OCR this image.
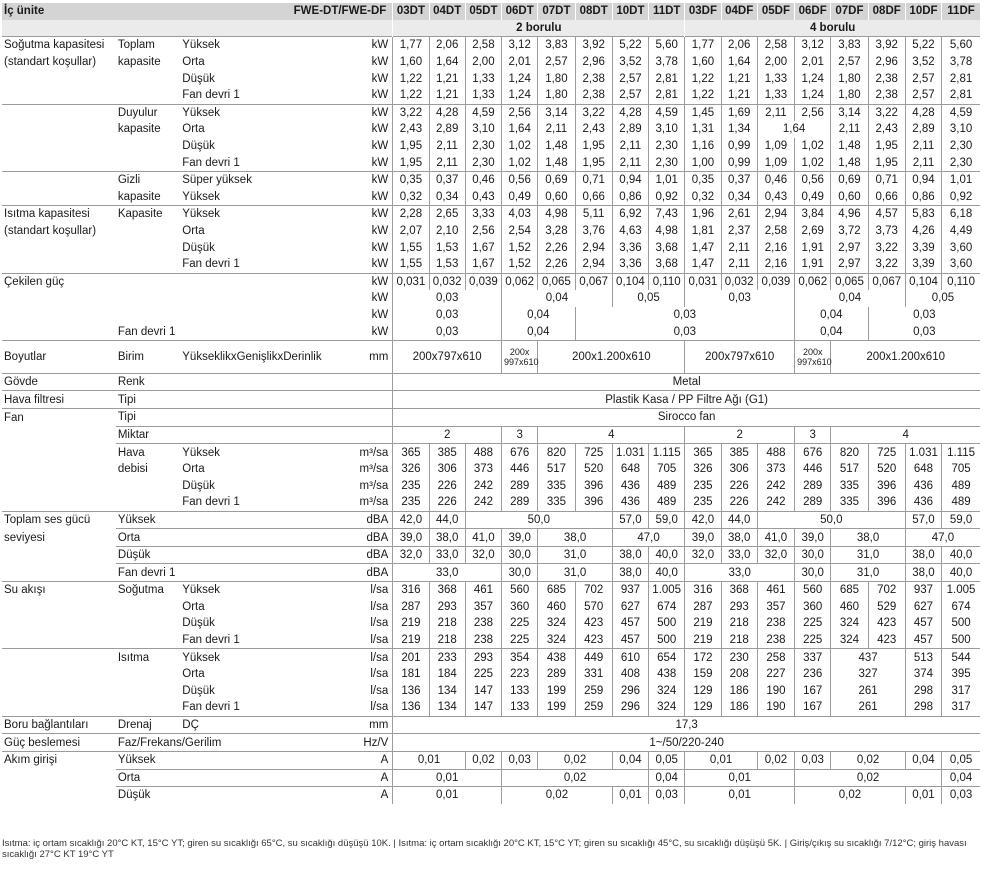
İç ünite	FWE-DT/FWE-DF			03DT	04DT	05DT	06DT	07DT	08DT	10DT	11DT	03DF	04DF	05DF	06DF	07DF	08DF	10DF	11DF
				2 borulu								4 borulu							
Soğutma kapasitesi	Toplam	Yüksek	kW	1,77	2,06	2,58	3,12	3,83	3,92	5,22	5,60	1,77	2,06	2,58	3,12	3,83	3,92	5,22	5,60
(standart koşullar)	kapasite	Orta	kW	1,60	1,64	2,00	2,01	2,57	2,96	3,52	3,78	1,60	1,64	2,00	2,01	2,57	2,96	3,52	3,78
		Düşük	kW	1,22	1,21	1,33	1,24	1,80	2,38	2,57	2,81	1,22	1,21	1,33	1,24	1,80	2,38	2,57	2,81
		Fan devri 1	kW	1,22	1,21	1,33	1,24	1,80	2,38	2,57	2,81	1,22	1,21	1,33	1,24	1,80	2,38	2,57	2,81
	Duyulur	Yüksek	kW	3,22	4,28	4,59	2,56	3,14	3,22	4,28	4,59	1,45	1,69	2,11	2,56	3,14	3,22	4,28	4,59
	kapasite	Orta	kW	2,43	2,89	3,10	1,64	2,11	2,43	2,89	3,10	1,31	1,34	1,64		2,11	2,43	2,89	3,10
		Düşük	kW	1,95	2,11	2,30	1,02	1,48	1,95	2,11	2,30	1,16	0,99	1,09	1,02	1,48	1,95	2,11	2,30
		Fan devri 1	kW	1,95	2,11	2,30	1,02	1,48	1,95	2,11	2,30	1,00	0,99	1,09	1,02	1,48	1,95	2,11	2,30
	Gizli	Süper yüksek	kW	0,35	0,37	0,46	0,56	0,69	0,71	0,94	1,01	0,35	0,37	0,46	0,56	0,69	0,71	0,94	1,01
	kapasite	Yüksek	kW	0,32	0,34	0,43	0,49	0,60	0,66	0,86	0,92	0,32	0,34	0,43	0,49	0,60	0,66	0,86	0,92
Isıtma kapasitesi	Kapasite	Yüksek	kW	2,28	2,65	3,33	4,03	4,98	5,11	6,92	7,43	1,96	2,61	2,94	3,84	4,96	4,57	5,83	6,18
(standart koşullar)		Orta	kW	2,07	2,10	2,56	2,54	3,28	3,76	4,63	4,98	1,81	2,37	2,58	2,69	3,72	3,73	4,26	4,49
		Düşük	kW	1,55	1,53	1,67	1,52	2,26	2,94	3,36	3,68	1,47	2,11	2,16	1,91	2,97	3,22	3,39	3,60
		Fan devri 1	kW	1,55	1,53	1,67	1,52	2,26	2,94	3,36	3,68	1,47	2,11	2,16	1,91	2,97	3,22	3,39	3,60
Çekilen güç			kW	0,031	0,032	0,039	0,062	0,065	0,067	0,104	0,110	0,031	0,032	0,039	0,062	0,065	0,067	0,104	0,110
			kW	0,03			0,04			0,05		0,03			0,04			0,05	
			kW	0,03			0,04		0,03						0,04		0,03		
	Fan devri 1		kW	0,03			0,04		0,03						0,04		0,03		
Boyutlar	Birim	YükseklikxGenişlikxDerinlik	mm	200x797x610			200x 997x610	200x1.200x610				200x797x610			200x 997x610	200x1.200x610			
Gövde	Renk			Metal															
Hava filtresi	Tipi			Plastik Kasa / PP Filtre Ağı (G1)															
Fan	Tipi			Sirocco fan															
	Miktar			2			3	4				2			3	4			
	Hava	Yüksek	m³/sa	365	385	488	676	820	725	1.031	1.115	365	385	488	676	820	725	1.031	1.115
	debisi	Orta	m³/sa	326	306	373	446	517	520	648	705	326	306	373	446	517	520	648	705
		Düşük	m³/sa	235	226	242	289	335	396	436	489	235	226	242	289	335	396	436	489
		Fan devri 1	m³/sa	235	226	242	289	335	396	436	489	235	226	242	289	335	396	436	489
Toplam ses gücü	Yüksek		dBA	42,0	44,0	50,0				57,0	59,0	42,0	44,0	50,0				57,0	59,0
seviyesi	Orta		dBA	39,0	38,0	41,0	39,0	38,0		47,0		39,0	38,0	41,0	39,0	38,0		47,0	
	Düşük		dBA	32,0	33,0	32,0	30,0	31,0		38,0	40,0	32,0	33,0	32,0	30,0	31,0		38,0	40,0
	Fan devri 1		dBA	33,0			30,0	31,0		38,0	40,0	33,0			30,0	31,0		38,0	40,0
Su akışı	Soğutma	Yüksek	l/sa	316	368	461	560	685	702	937	1.005	316	368	461	560	685	702	937	1.005
		Orta	l/sa	287	293	357	360	460	570	627	674	287	293	357	360	460	529	627	674
		Düşük	l/sa	219	218	238	225	324	423	457	500	219	218	238	225	324	423	457	500
		Fan devri 1	l/sa	219	218	238	225	324	423	457	500	219	218	238	225	324	423	457	500
	Isıtma	Yüksek	l/sa	201	233	293	354	438	449	610	654	172	230	258	337	437		513	544
		Orta	l/sa	181	184	225	223	289	331	408	438	159	208	227	236	327		374	395
		Düşük	l/sa	136	134	147	133	199	259	296	324	129	186	190	167	261		298	317
		Fan devri 1	l/sa	136	134	147	133	199	259	296	324	129	186	190	167	261		298	317
Boru bağlantıları	Drenaj	DÇ	mm	17,3															
Güç beslemesi	Faz/Frekans/Gerilim		Hz/V	1~/50/220-240															
Akım girişi	Yüksek		A	0,01		0,02	0,03	0,02		0,04	0,05	0,01		0,02	0,03	0,02		0,04	0,05
	Orta		A	0,01			0,02				0,04	0,01			0,02				0,04
	Düşük		A	0,01			0,02			0,01	0,03	0,01			0,02			0,01	0,03
Isıtma: iç ortam sıcaklığı 20°C KT, 15°C YT; giren su sıcaklığı 65°C, su sıcaklığı düşüşü 10K. | Isıtma: iç ortam sıcaklığı 20°C KT, 15°C YT; giren su sıcaklığı 45°C, su sıcaklığı düşüşü 5K. | Giriş/çıkış su sıcaklığı 7/12°C; giriş havası sıcaklığı 27°C KT 19°C YT
